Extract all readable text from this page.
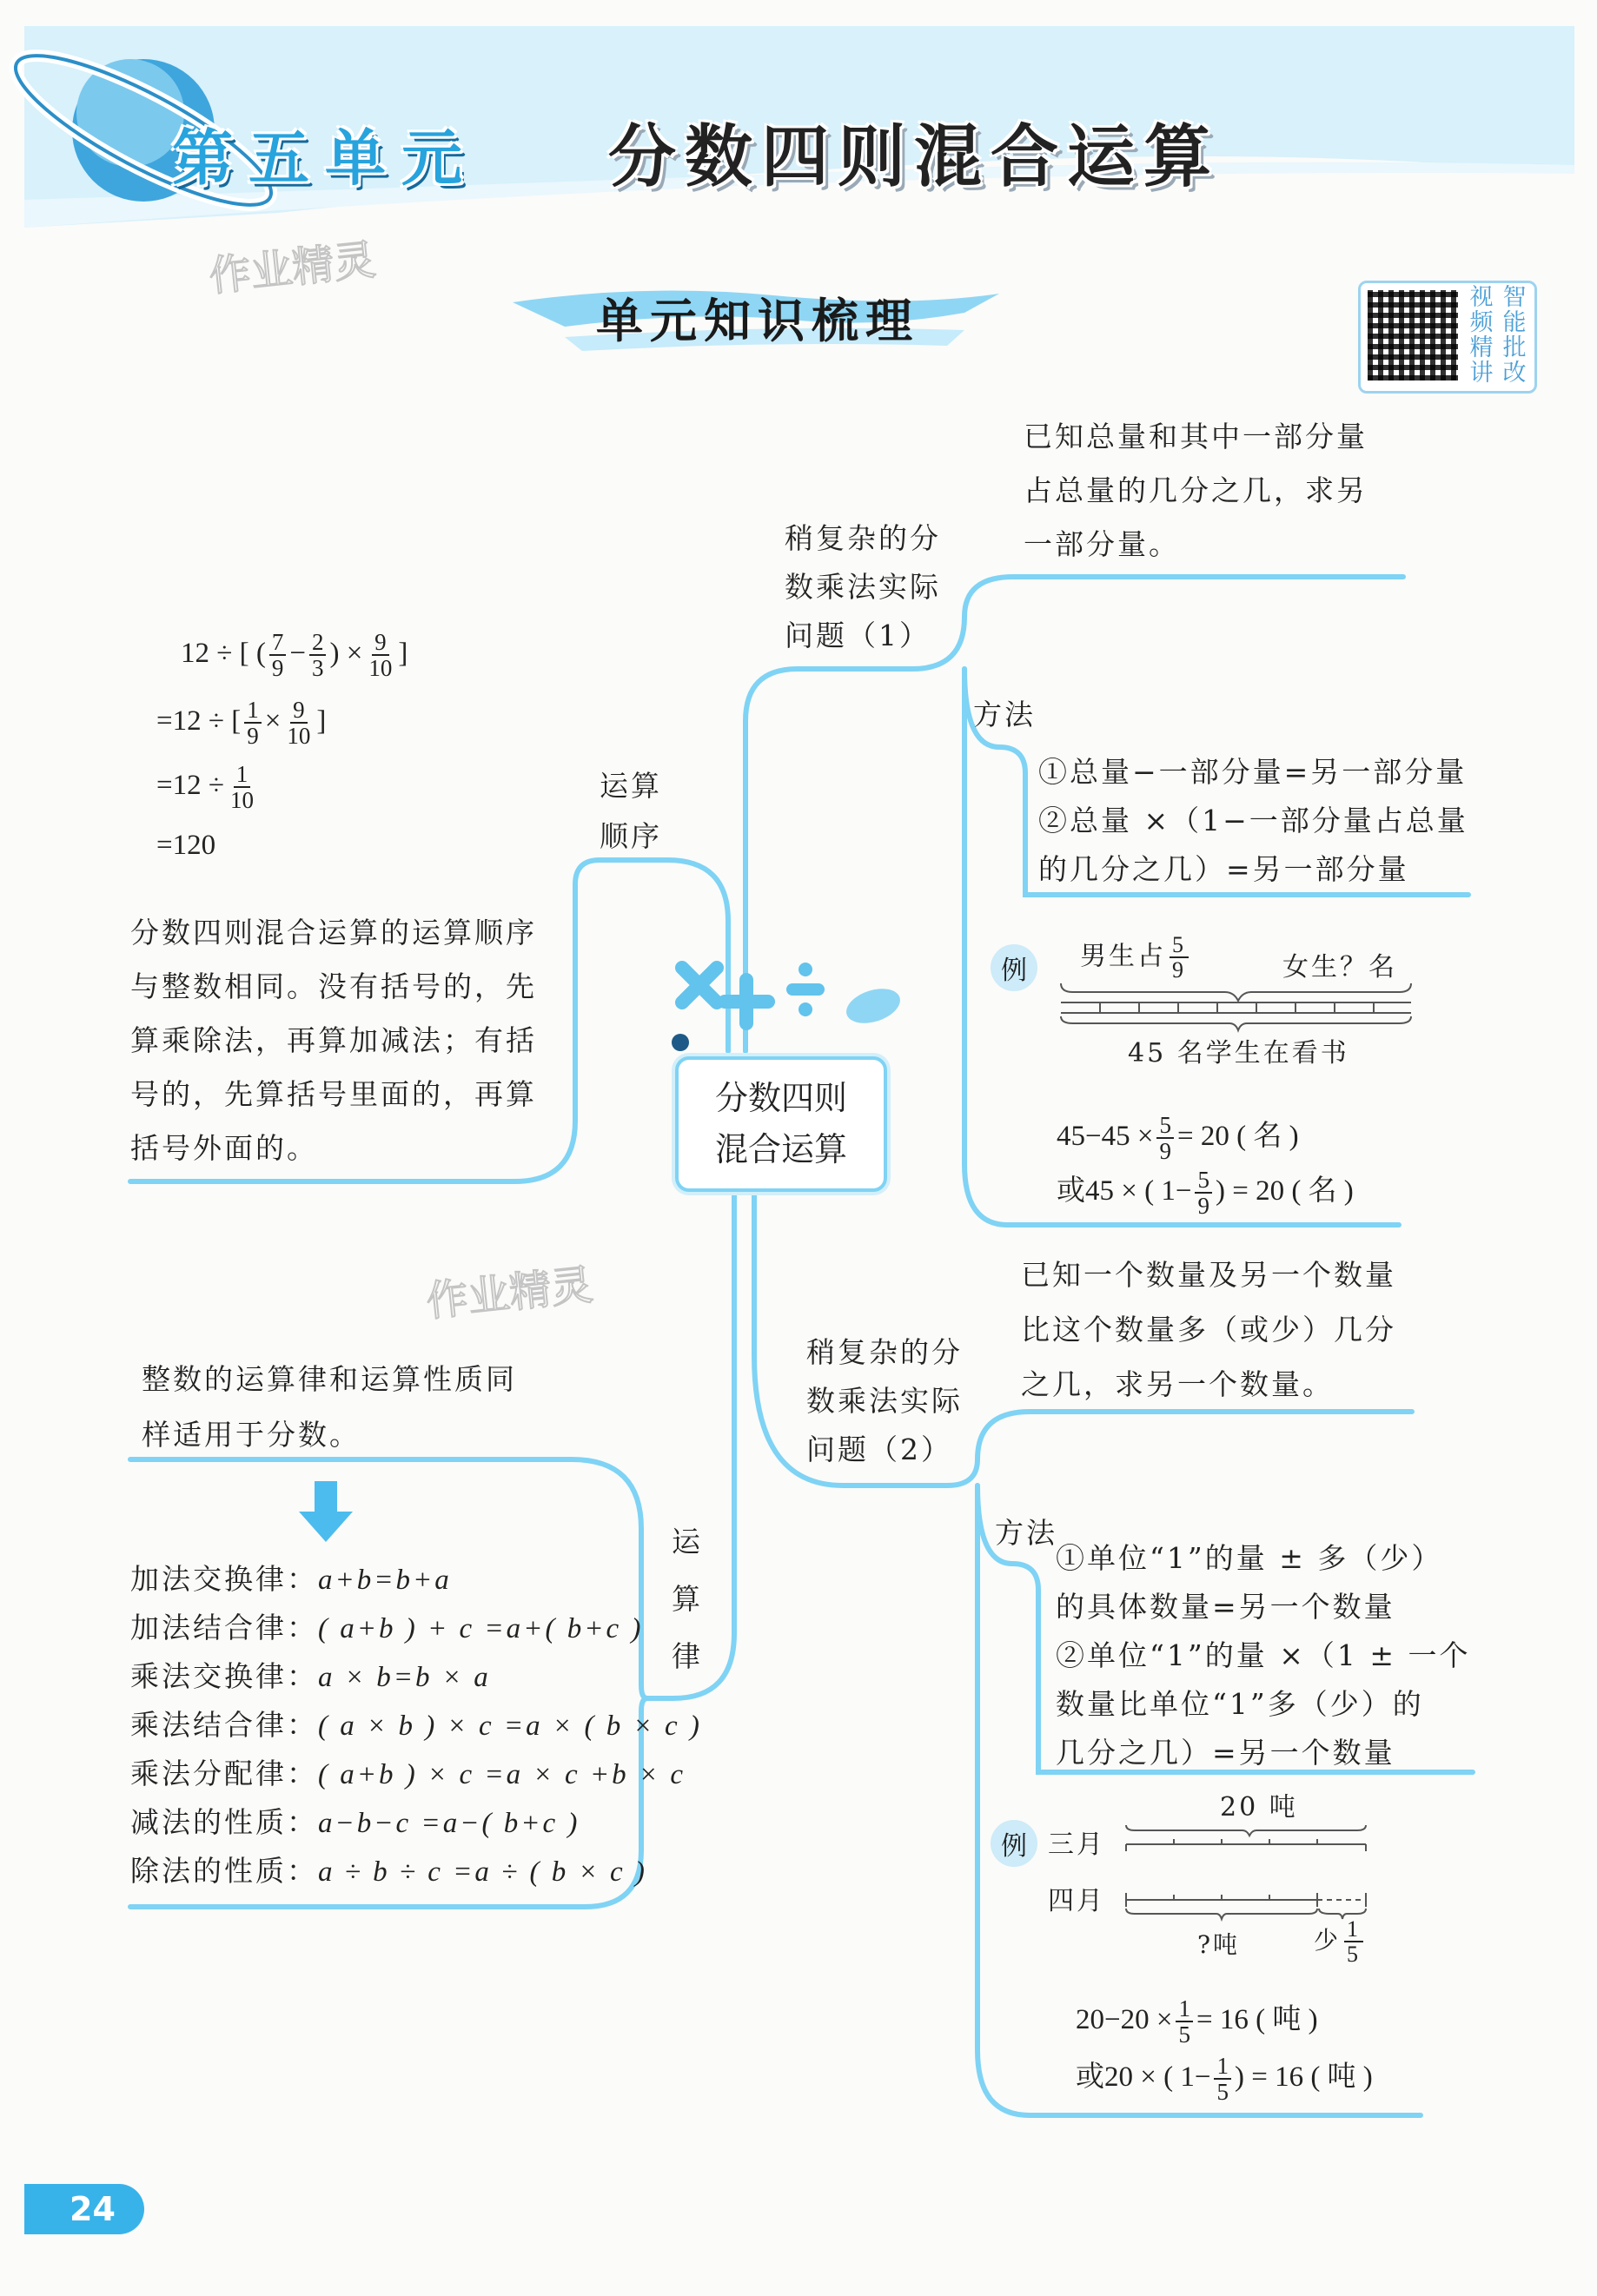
第五单元 分数四则混合运算
单元知识梳理	视 智
频 能
精 批
讲 改
作业精灵
作业精灵
分数四则
混合运算
运算
顺序
12 ÷ [ ( $\frac{7}{9} - \frac{2}{3}$ ) × $\frac{9}{10}$ ]
=12 ÷ [ $\frac{1}{9} \times \frac{9}{10}$ ]
$=12 \div \frac{1}{10}$
=120
分数四则混合运算的运算顺序
与整数相同。没有括号的，先
算乘除法，再算加减法；有括
号的，先算括号里面的，再算
括号外面的。
整数的运算律和运算性质同
样适用于分数。
运
算
律
加法交换律：a+b=b+a
加法结合律：( a+b ) + c =a+( b+c )
乘法交换律：a × b=b × a
乘法结合律：( a × b ) × c =a × ( b × c )
乘法分配律：( a+b ) × c =a × c +b × c
减法的性质：a−b−c =a−( b+c )
除法的性质：a ÷ b ÷ c =a ÷ ( b × c )
已知总量和其中一部分量
占总量的几分之几，求另
一部分量。
稍复杂的分
数乘法实际
问题（1）
方法
①总量−一部分量=另一部分量
②总量 ×（1−一部分量占总量
的几分之几）=另一部分量
例	男生占 $\frac{5}{9}$	女生？名
45 名学生在看书
$45-45 \times \frac{5}{9} = 20$ ( 名 )
或45 × ( $1- \frac{5}{9}$ ) = 20 ( 名 )
已知一个数量及另一个数量
比这个数量多（或少）几分
之几，求另一个数量。
稍复杂的分
数乘法实际
问题（2）
方法
①单位“1”的量 ± 多（少）
的具体数量=另一个数量
②单位“1”的量 ×（1 ± 一个
数量比单位“1”多（少）的
几分之几）=另一个数量
例
20 吨
三月
四月
?吨	少 $\frac{1}{5}$
$20-20 \times \frac{1}{5} = 16$ ( 吨 )
或20 × ( $1- \frac{1}{5}$ ) = 16 ( 吨 )
24
